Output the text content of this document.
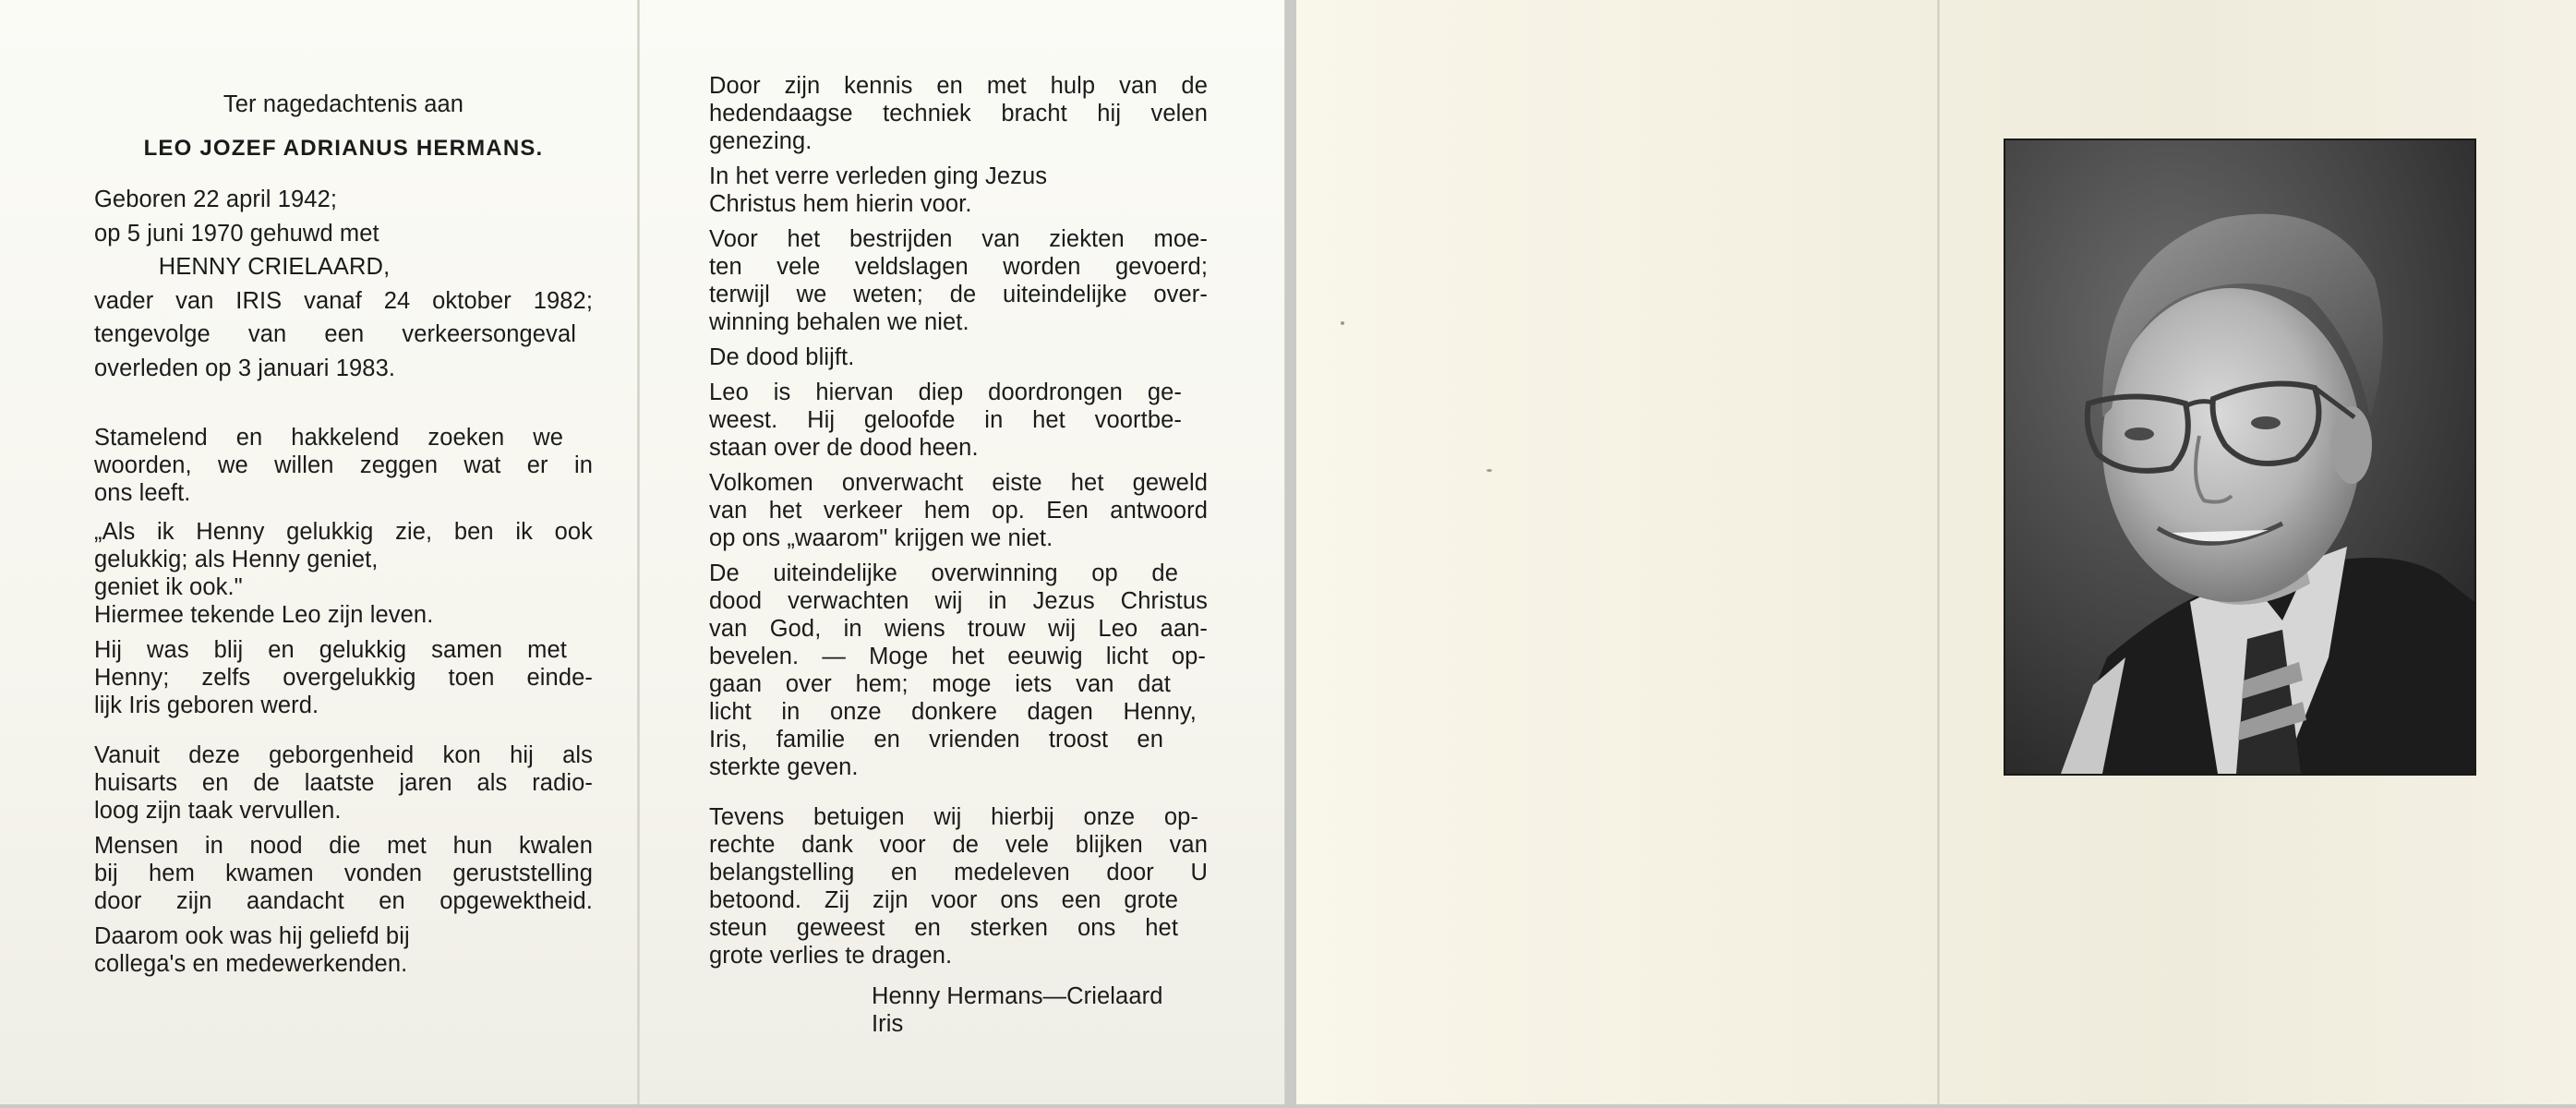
Ter nagedachtenis aan
LEO JOZEF ADRIANUS HERMANS.
Geboren 22 april 1942;
op 5 juni 1970 gehuwd met
HENNY CRIELAARD,
vader van IRIS vanaf 24 oktober 1982;
tengevolge van een verkeersongeval
overleden op 3 januari 1983.
Stamelend en hakkelend zoeken we
woorden, we willen zeggen wat er in
ons leeft.
„Als ik Henny gelukkig zie, ben ik ook
gelukkig; als Henny geniet,
geniet ik ook."
Hiermee tekende Leo zijn leven.
Hij was blij en gelukkig samen met
Henny; zelfs overgelukkig toen einde-
lijk Iris geboren werd.
Vanuit deze geborgenheid kon hij als
huisarts en de laatste jaren als radio-
loog zijn taak vervullen.
Mensen in nood die met hun kwalen
bij hem kwamen vonden geruststelling
door zijn aandacht en opgewektheid.
Daarom ook was hij geliefd bij
collega's en medewerkenden.
Door zijn kennis en met hulp van de
hedendaagse techniek bracht hij velen
genezing.
In het verre verleden ging Jezus
Christus hem hierin voor.
Voor het bestrijden van ziekten moe-
ten vele veldslagen worden gevoerd;
terwijl we weten; de uiteindelijke over-
winning behalen we niet.
De dood blijft.
Leo is hiervan diep doordrongen ge-
weest. Hij geloofde in het voortbe-
staan over de dood heen.
Volkomen onverwacht eiste het geweld
van het verkeer hem op. Een antwoord
op ons „waarom" krijgen we niet.
De uiteindelijke overwinning op de
dood verwachten wij in Jezus Christus
van God, in wiens trouw wij Leo aan-
bevelen. — Moge het eeuwig licht op-
gaan over hem; moge iets van dat
licht in onze donkere dagen Henny,
Iris, familie en vrienden troost en
sterkte geven.
Tevens betuigen wij hierbij onze op-
rechte dank voor de vele blijken van
belangstelling en medeleven door U
betoond. Zij zijn voor ons een grote
steun geweest en sterken ons het
grote verlies te dragen.
Henny Hermans—Crielaard
Iris
